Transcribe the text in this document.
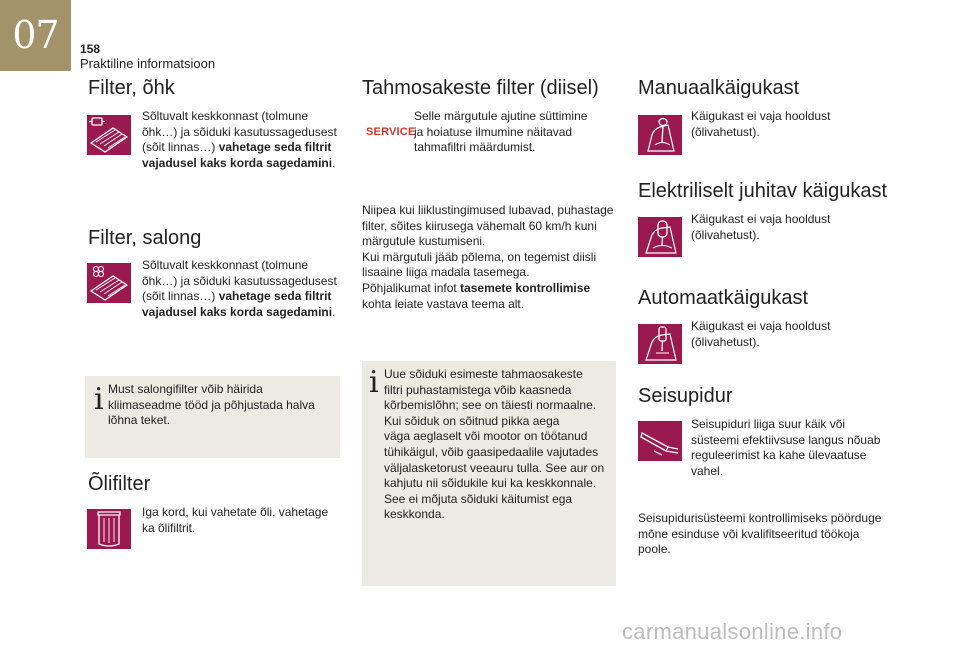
07	158
Praktiline informatsioon
Filter, õhk
Sõltuvalt keskkonnast (tolmune
õhk…) ja sõiduki kasutussagedusest
(sõit linnas…) vahetage seda filtrit
vajadusel kaks korda sagedamini.
Filter, salong
Sõltuvalt keskkonnast (tolmune
õhk…) ja sõiduki kasutussagedusest
(sõit linnas…) vahetage seda filtrit
vajadusel kaks korda sagedamini.
i Must salongifilter võib häirida
kliimaseadme tööd ja põhjustada halva
lõhna teket.
Õlifilter
Iga kord, kui vahetate õli, vahetage
ka õlifiltrit.
Tahmosakeste filter (diisel)
SERVICE
Selle märgutule ajutine süttimine
ja hoiatuse ilmumine näitavad
tahmafiltri määrdumist.
Niipea kui liiklustingimused lubavad, puhastage
filter, sõites kiirusega vähemalt 60 km/h kuni
märgutule kustumiseni.
Kui märgutuli jääb põlema, on tegemist diisli
lisaaine liiga madala tasemega.
Põhjalikumat infot tasemete kontrollimise
kohta leiate vastava teema alt.
i Uue sõiduki esimeste tahmaosakeste
filtri puhastamistega võib kaasneda
kõrbemislõhn; see on täiesti normaalne.
Kui sõiduk on sõitnud pikka aega
väga aeglaselt või mootor on töötanud
tühikäigul, võib gaasipedaalile vajutades
väljalasketorust veeauru tulla. See aur on
kahjutu nii sõidukile kui ka keskkonnale.
See ei mõjuta sõiduki käitumist ega
keskkonda.
Manuaalkäigukast
Käigukast ei vaja hooldust
(õlivahetust).
Elektriliselt juhitav käigukast
Käigukast ei vaja hooldust
(õlivahetust).
Automaatkäigukast
Käigukast ei vaja hooldust
(õlivahetust).
Seisupidur
Seisupiduri liiga suur käik või
süsteemi efektiivsuse langus nõuab
reguleerimist ka kahe ülevaatuse
vahel.
Seisupidurisüsteemi kontrollimiseks pöörduge
mõne esinduse või kvalifitseeritud töökoja
poole.
carmanualsonline.info
